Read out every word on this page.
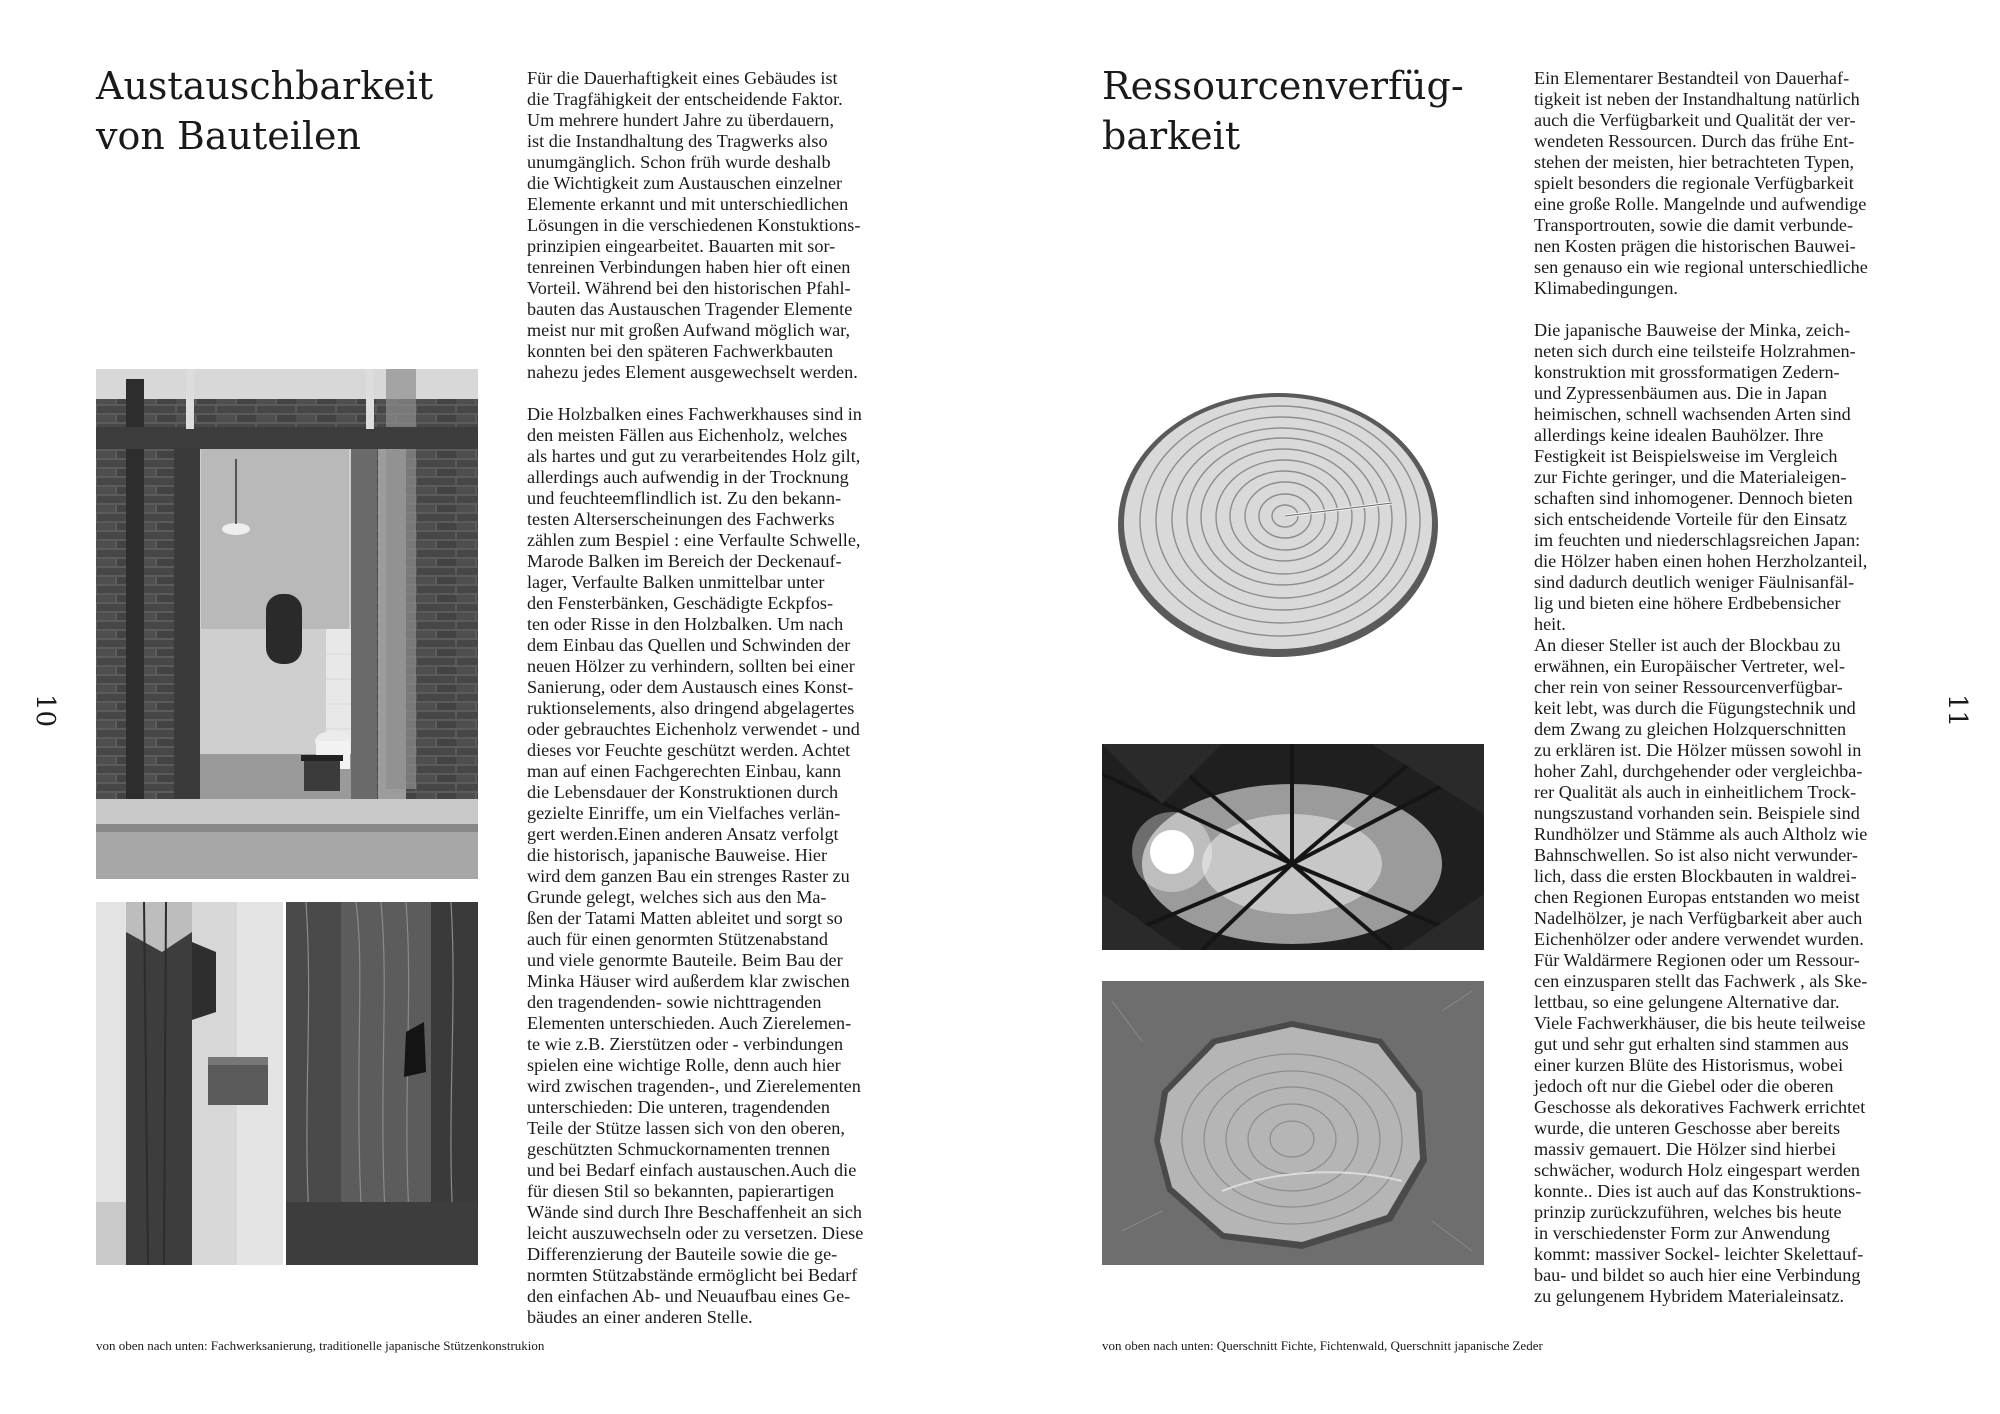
10
Austauschbarkeit
von Bauteilen
Für die Dauerhaftigkeit eines Gebäudes ist
die Tragfähigkeit der entscheidende Faktor.
Um mehrere hundert Jahre zu überdauern,
ist die Instandhaltung des Tragwerks also
unumgänglich. Schon früh wurde deshalb
die Wichtigkeit zum Austauschen einzelner
Elemente erkannt und mit unterschiedlichen
Lösungen in die verschiedenen Konstuktions-
prinzipien eingearbeitet. Bauarten mit sor-
tenreinen Verbindungen haben hier oft einen
Vorteil. Während bei den historischen Pfahl-
bauten das Austauschen Tragender Elemente
meist nur mit großen Aufwand möglich war,
konnten bei den späteren Fachwerkbauten
nahezu jedes Element ausgewechselt werden.
Die Holzbalken eines Fachwerkhauses sind in
den meisten Fällen aus Eichenholz, welches
als hartes und gut zu verarbeitendes Holz gilt,
allerdings auch aufwendig in der Trocknung
und feuchteemflindlich ist. Zu den bekann-
testen Alterserscheinungen des Fachwerks
zählen zum Bespiel : eine Verfaulte Schwelle,
Marode Balken im Bereich der Deckenauf-
lager, Verfaulte Balken unmittelbar unter
den Fensterbänken, Geschädigte Eckpfos-
ten oder Risse in den Holzbalken. Um nach
dem Einbau das Quellen und Schwinden der
neuen Hölzer zu verhindern, sollten bei einer
Sanierung, oder dem Austausch eines Konst-
ruktionselements, also dringend abgelagertes
oder gebrauchtes Eichenholz verwendet - und
dieses vor Feuchte geschützt werden. Achtet
man auf einen Fachgerechten Einbau, kann
die Lebensdauer der Konstruktionen durch
gezielte Einriffe, um ein Vielfaches verlän-
gert werden.Einen anderen Ansatz verfolgt
die historisch, japanische Bauweise. Hier
wird dem ganzen Bau ein strenges Raster zu
Grunde gelegt, welches sich aus den Ma-
ßen der Tatami Matten ableitet und sorgt so
auch für einen genormten Stützenabstand
und viele genormte Bauteile. Beim Bau der
Minka Häuser wird außerdem klar zwischen
den tragendenden- sowie nichttragenden
Elementen unterschieden. Auch Zierelemen-
te wie z.B. Zierstützen oder - verbindungen
spielen eine wichtige Rolle, denn auch hier
wird zwischen tragenden-, und Zierelementen
unterschieden: Die unteren, tragendenden
Teile der Stütze lassen sich von den oberen,
geschützten Schmuckornamenten trennen
und bei Bedarf einfach austauschen.Auch die
für diesen Stil so bekannten, papierartigen
Wände sind durch Ihre Beschaffenheit an sich
leicht auszuwechseln oder zu versetzen. Diese
Differenzierung der Bauteile sowie die ge-
normten Stützabstände ermöglicht bei Bedarf
den einfachen Ab- und Neuaufbau eines Ge-
bäudes an einer anderen Stelle.
von oben nach unten: Fachwerksanierung, traditionelle japanische Stützenkonstrukion
11
Ressourcenverfüg-
barkeit
Ein Elementarer Bestandteil von Dauerhaf-
tigkeit ist neben der Instandhaltung natürlich
auch die Verfügbarkeit und Qualität der ver-
wendeten Ressourcen. Durch das frühe Ent-
stehen der meisten, hier betrachteten Typen,
spielt besonders die regionale Verfügbarkeit
eine große Rolle. Mangelnde und aufwendige
Transportrouten, sowie die damit verbunde-
nen Kosten prägen die historischen Bauwei-
sen genauso ein wie regional unterschiedliche
Klimabedingungen.
Die japanische Bauweise der Minka, zeich-
neten sich durch eine teilsteife Holzrahmen-
konstruktion mit grossformatigen Zedern-
und Zypressenbäumen aus. Die in Japan
heimischen, schnell wachsenden Arten sind
allerdings keine idealen Bauhölzer. Ihre
Festigkeit ist Beispielsweise im Vergleich
zur Fichte geringer, und die Materialeigen-
schaften sind inhomogener. Dennoch bieten
sich entscheidende Vorteile für den Einsatz
im feuchten und niederschlagsreichen Japan:
die Hölzer haben einen hohen Herzholzanteil,
sind dadurch deutlich weniger Fäulnisanfäl-
lig und bieten eine höhere Erdbebensicher
heit.
An dieser Steller ist auch der Blockbau zu
erwähnen, ein Europäischer Vertreter, wel-
cher rein von seiner Ressourcenverfügbar-
keit lebt, was durch die Fügungstechnik und
dem Zwang zu gleichen Holzquerschnitten
zu erklären ist. Die Hölzer müssen sowohl in
hoher Zahl, durchgehender oder vergleichba-
rer Qualität als auch in einheitlichem Trock-
nungszustand vorhanden sein. Beispiele sind
Rundhölzer und Stämme als auch Altholz wie
Bahnschwellen. So ist also nicht verwunder-
lich, dass die ersten Blockbauten in waldrei-
chen Regionen Europas entstanden wo meist
Nadelhölzer, je nach Verfügbarkeit aber auch
Eichenhölzer oder andere verwendet wurden.
Für Waldärmere Regionen oder um Ressour-
cen einzusparen stellt das Fachwerk , als Ske-
lettbau, so eine gelungene Alternative dar.
Viele Fachwerkhäuser, die bis heute teilweise
gut und sehr gut erhalten sind stammen aus
einer kurzen Blüte des Historismus, wobei
jedoch oft nur die Giebel oder die oberen
Geschosse als dekoratives Fachwerk errichtet
wurde, die unteren Geschosse aber bereits
massiv gemauert. Die Hölzer sind hierbei
schwächer, wodurch Holz eingespart werden
konnte.. Dies ist auch auf das Konstruktions-
prinzip zurückzuführen, welches bis heute
in verschiedenster Form zur Anwendung
kommt: massiver Sockel- leichter Skelettauf-
bau- und bildet so auch hier eine Verbindung
zu gelungenem Hybridem Materialeinsatz.
von oben nach unten: Querschnitt Fichte, Fichtenwald, Querschnitt japanische Zeder
